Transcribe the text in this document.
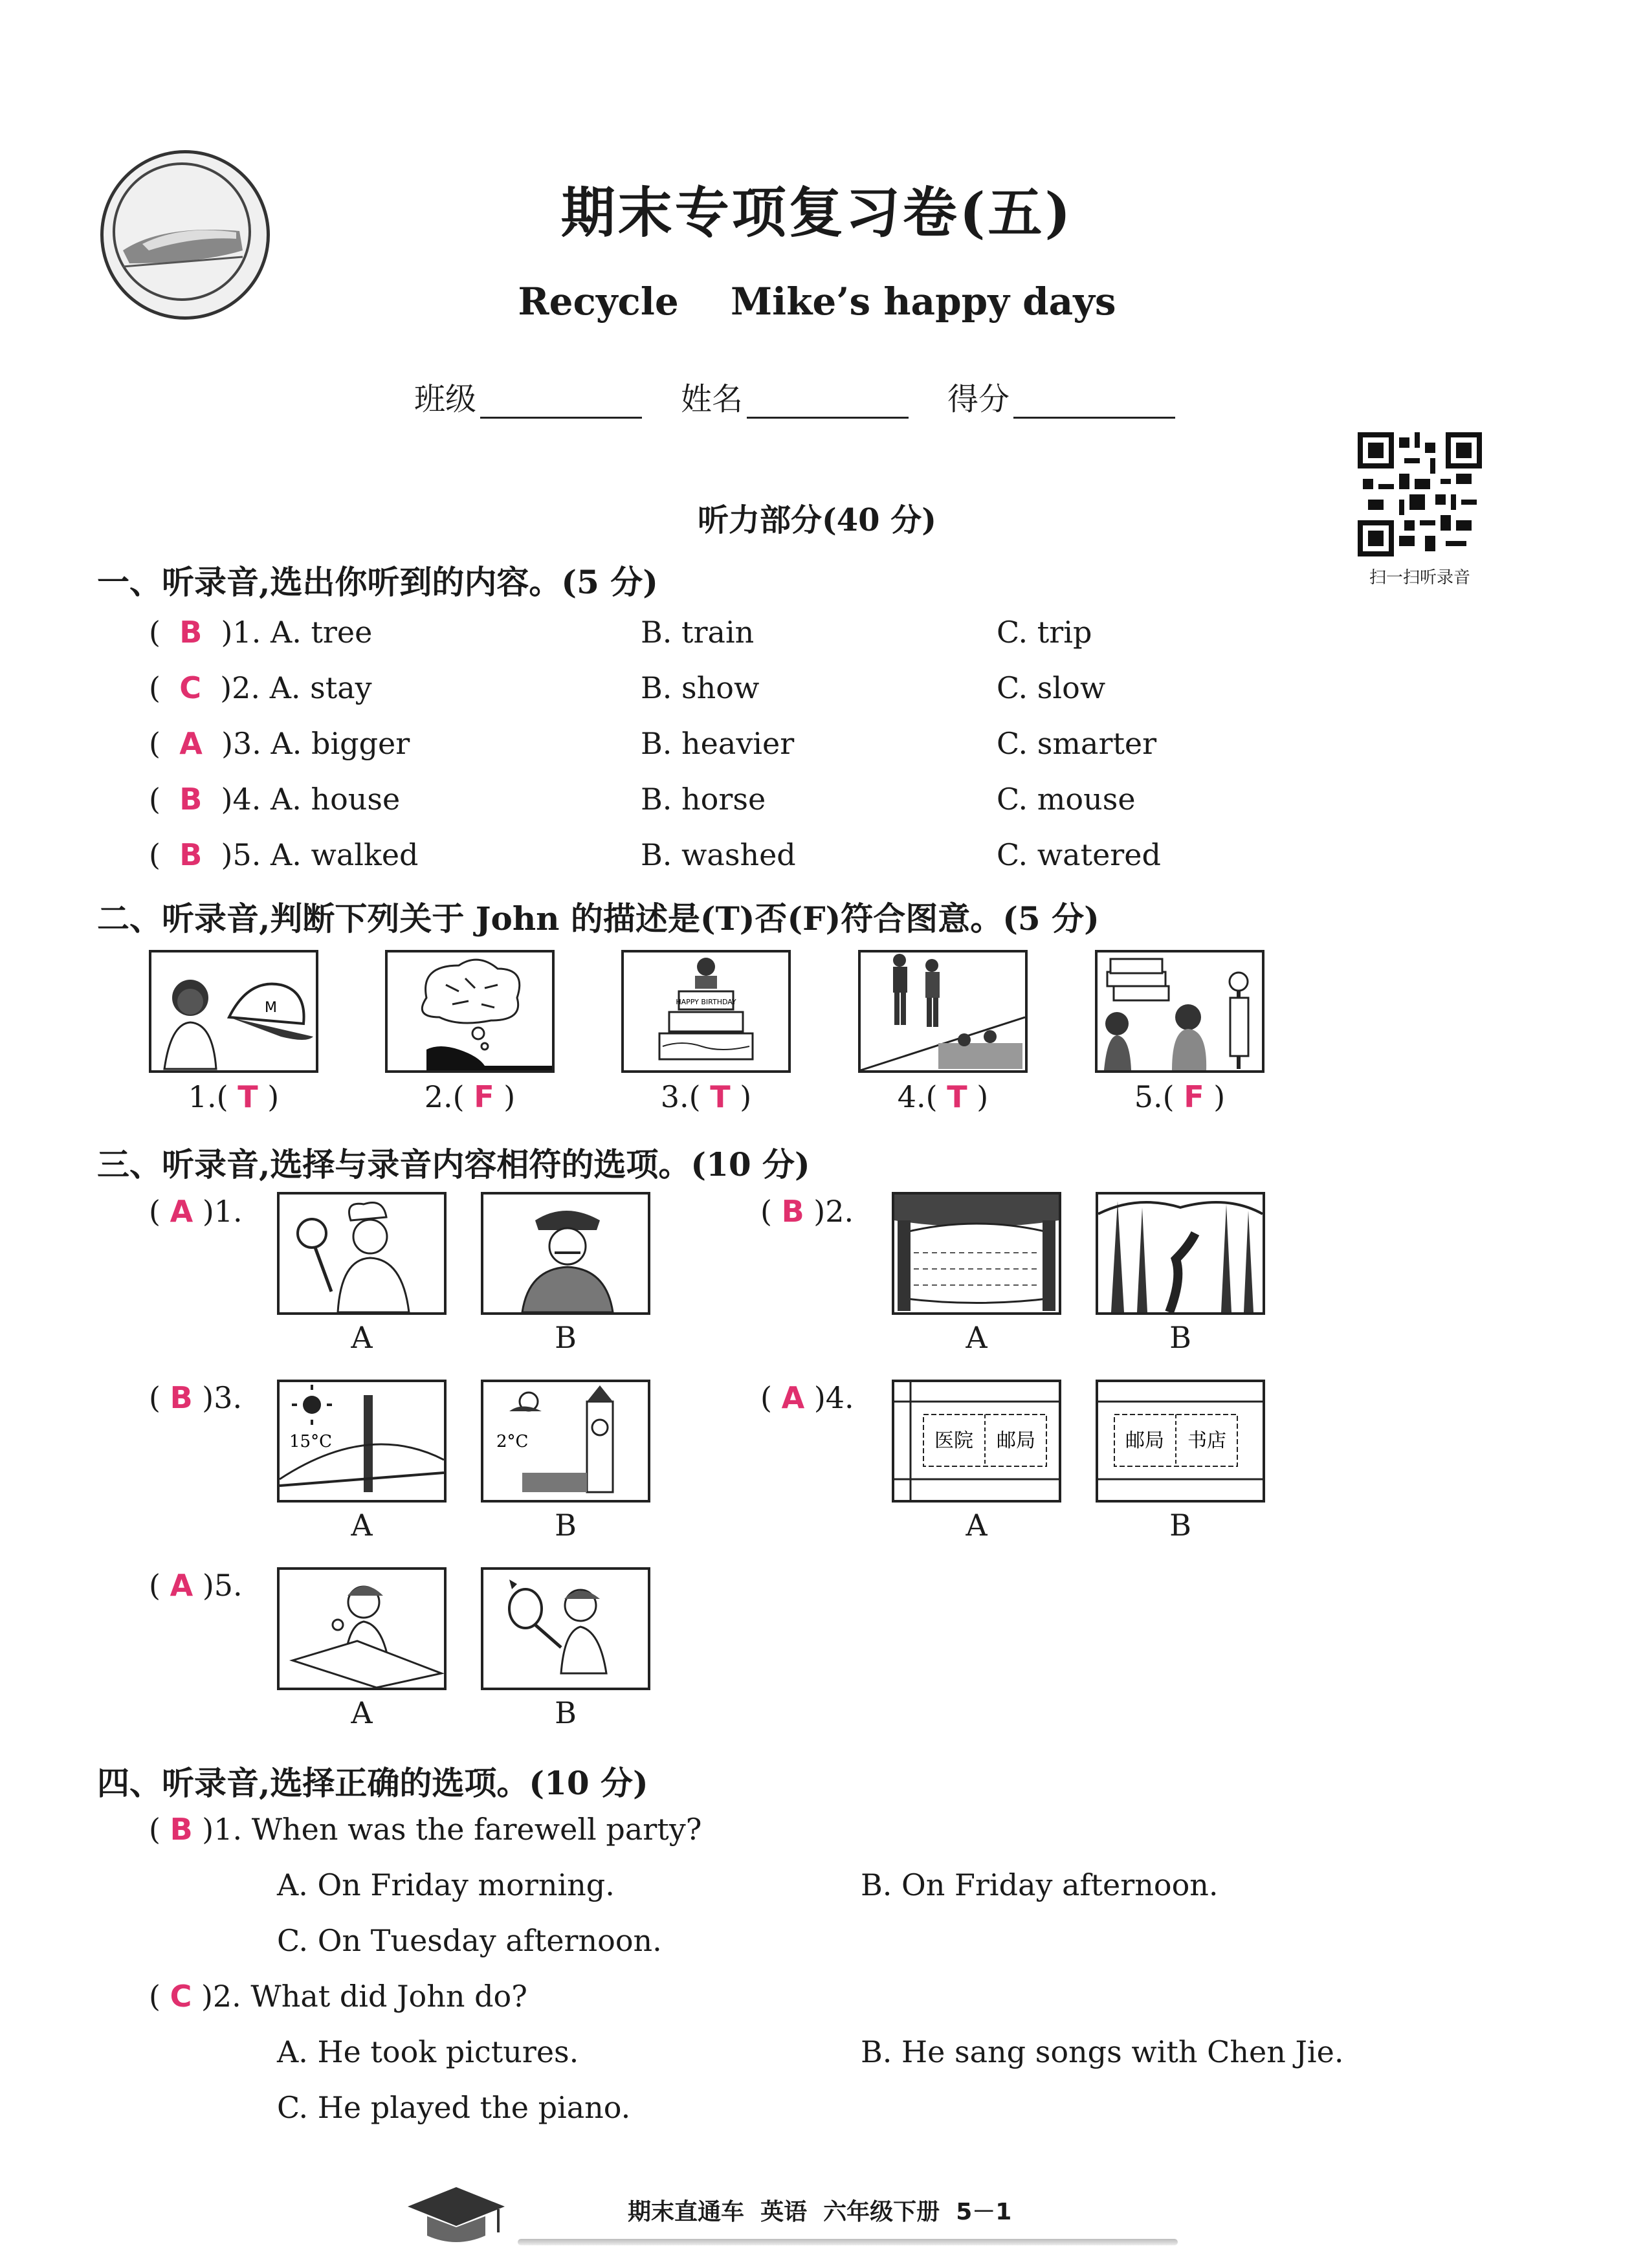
期末专项复习卷(五)
Recycle Mike’s happy days
班级	姓名	得分
扫一扫听录音
听力部分(40 分)
一、听录音,选出你听到的内容。(5 分)
(  B )1. A. tree	B. train	C. trip
(  C )2. A. stay	B. show	C. slow
(  A )3. A. bigger	B. heavier	C. smarter
(  B )4. A. house	B. horse	C. mouse
(  B )5. A. walked	B. washed	C. watered
二、听录音,判断下列关于 John 的描述是(T)否(F)符合图意。(5 分)
M	HAPPY BIRTHDAY
1.( T )	2.( F )	3.( T )	4.( T )	5.( F )
三、听录音,选择与录音内容相符的选项。(10 分)
( A )1.
A	B
( B )2.
A	B
( B )3.
15°C	2°C
A	B
( A )4.
医院 邮局	邮局 书店
A	B
( A )5.
A	B
四、听录音,选择正确的选项。(10 分)
( B )1. When was the farewell party?
A. On Friday morning.	B. On Friday afternoon.
C. On Tuesday afternoon.
( C )2. What did John do?
A. He took pictures.	B. He sang songs with Chen Jie.
C. He played the piano.
期末直通车  英语  六年级下册  5－1
